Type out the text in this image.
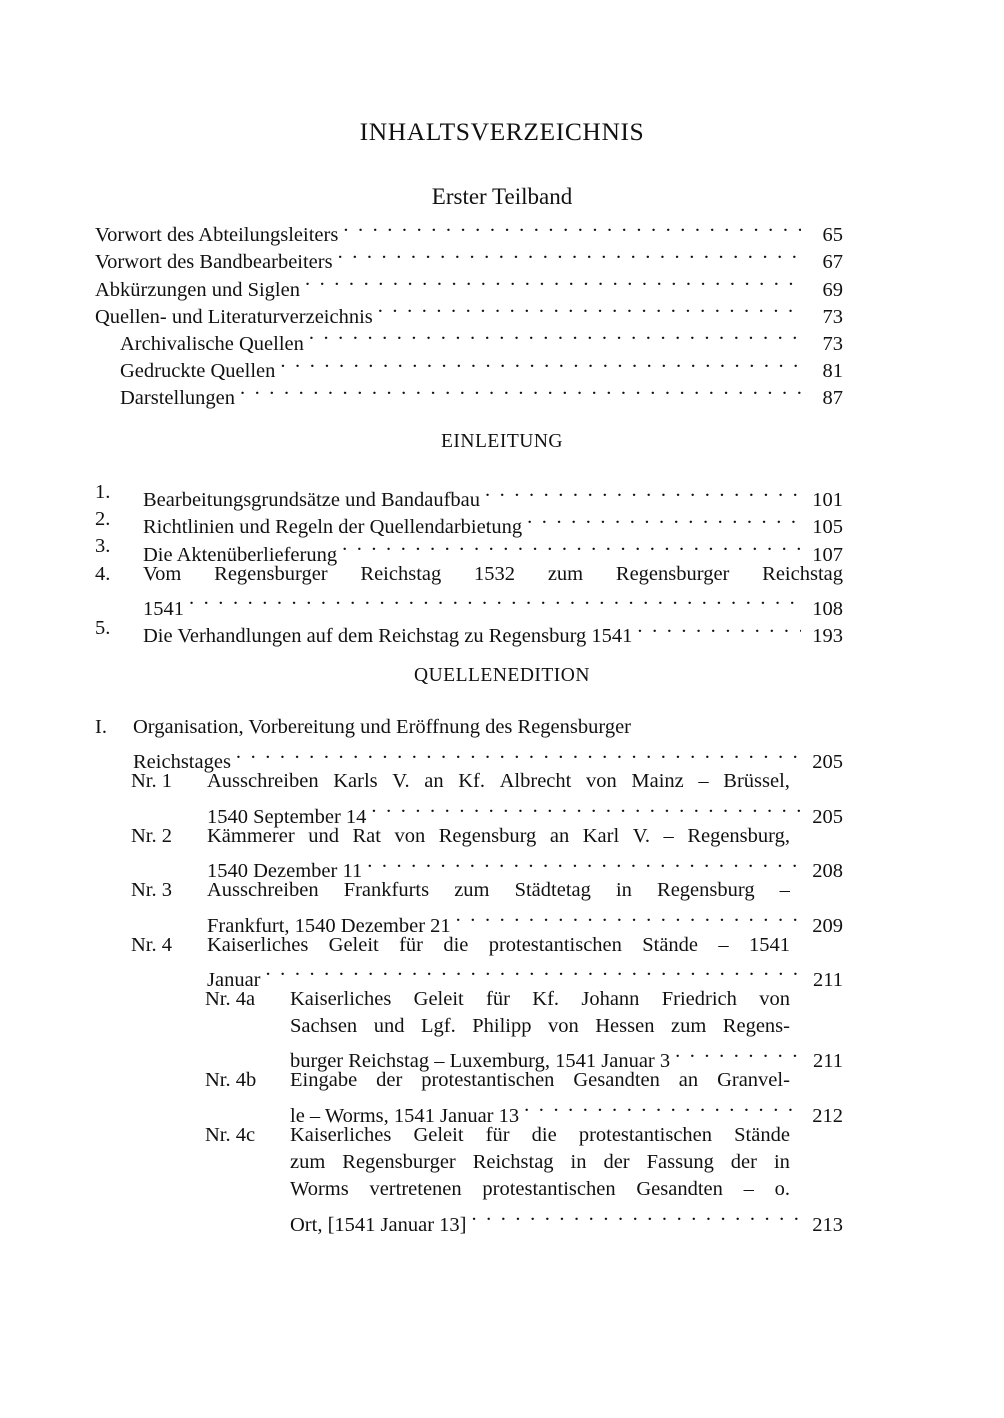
INHALTSVERZEICHNIS
Erster Teilband
Vorwort des Abteilungsleiters . . .	65
Vorwort des Bandbearbeiters . . .	67
Abkürzungen und Siglen . . .	69
Quellen- und Literaturverzeichnis . . .	73
Archivalische Quellen . . .	73
Gedruckte Quellen . . .	81
Darstellungen . . .	87
EINLEITUNG
1.	Bearbeitungsgrundsätze und Bandaufbau . . .	101
2.	Richtlinien und Regeln der Quellendarbietung . . .	105
3.	Die Aktenüberlieferung . . .	107
4.	Vom Regensburger Reichstag 1532 zum Regensburger Reichstag
1541 . . .	108
5.	Die Verhandlungen auf dem Reichstag zu Regensburg 1541 . . .	193
QUELLENEDITION
I.	Organisation, Vorbereitung und Eröffnung des Regensburger
Reichstages . . .	205
Nr. 1 Ausschreiben Karls V. an Kf. Albrecht von Mainz – Brüssel,
1540 September 14 . . .	205
Nr. 2 Kämmerer und Rat von Regensburg an Karl V. – Regensburg,
1540 Dezember 11 . . .	208
Nr. 3 Ausschreiben Frankfurts zum Städtetag in Regensburg –
Frankfurt, 1540 Dezember 21 . . .	209
Nr. 4 Kaiserliches Geleit für die protestantischen Stände – 1541
Januar . . .	211
Nr. 4a Kaiserliches Geleit für Kf. Johann Friedrich von
Sachsen und Lgf. Philipp von Hessen zum Regens-
burger Reichstag – Luxemburg, 1541 Januar 3 . . .	211
Nr. 4b Eingabe der protestantischen Gesandten an Granvel-
le – Worms, 1541 Januar 13 . . .	212
Nr. 4c Kaiserliches Geleit für die protestantischen Stände
zum Regensburger Reichstag in der Fassung der in
Worms vertretenen protestantischen Gesandten – o.
Ort, [1541 Januar 13] . . .	213
